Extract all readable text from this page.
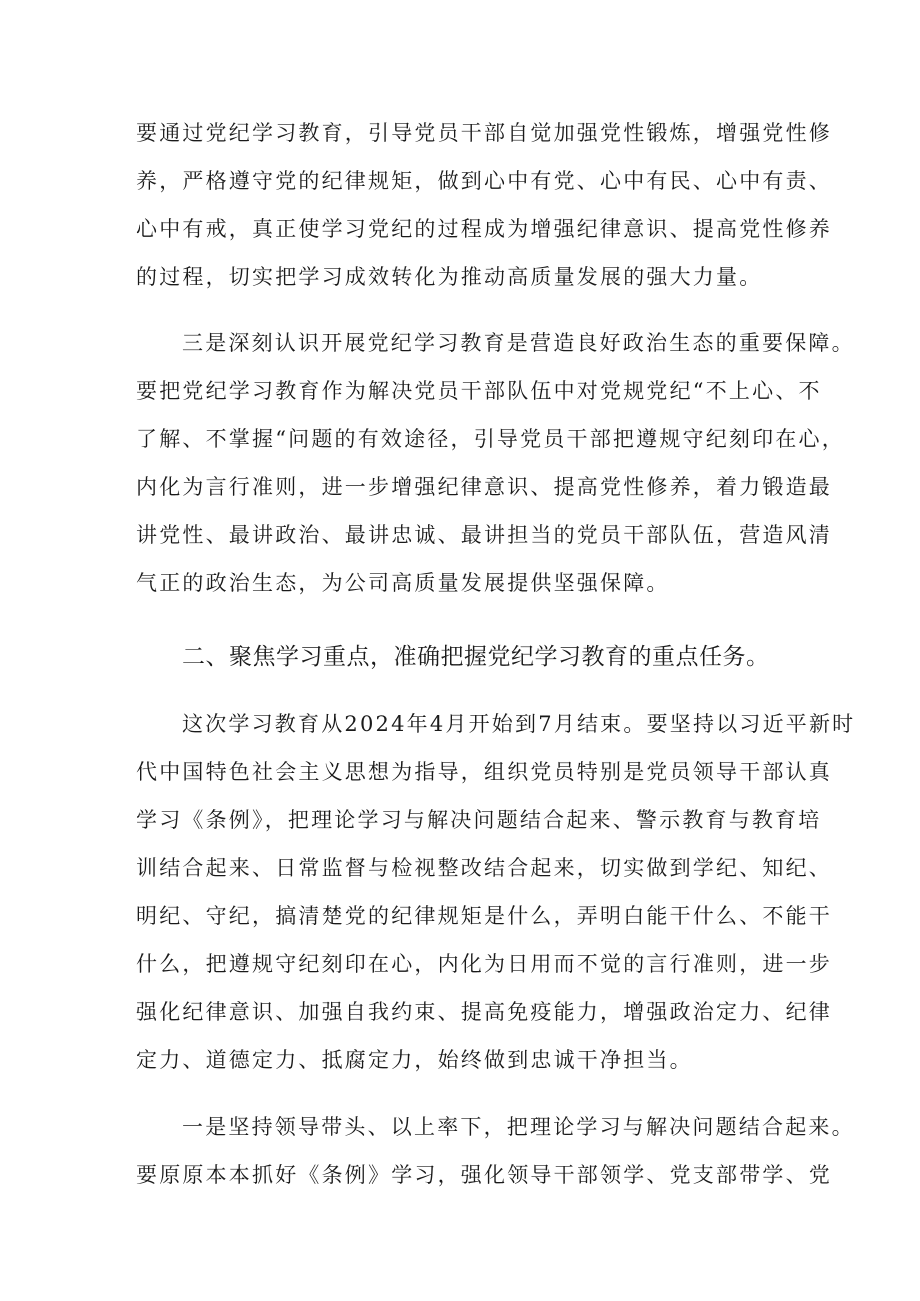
要通过党纪学习教育，引导党员干部自觉加强党性锻炼，增强党性修
养，严格遵守党的纪律规矩，做到心中有党、心中有民、心中有责、
心中有戒，真正使学习党纪的过程成为增强纪律意识、提高党性修养
的过程，切实把学习成效转化为推动高质量发展的强大力量。
三是深刻认识开展党纪学习教育是营造良好政治生态的重要保障。
要把党纪学习教育作为解决党员干部队伍中对党规党纪“不上心、不
了解、不掌握“问题的有效途径，引导党员干部把遵规守纪刻印在心，
内化为言行准则，进一步增强纪律意识、提高党性修养，着力锻造最
讲党性、最讲政治、最讲忠诚、最讲担当的党员干部队伍，营造风清
气正的政治生态，为公司高质量发展提供坚强保障。
二、聚焦学习重点，准确把握党纪学习教育的重点任务。
这次学习教育从2024年4月开始到7月结束。要坚持以习近平新时
代中国特色社会主义思想为指导，组织党员特别是党员领导干部认真
学习《条例》，把理论学习与解决问题结合起来、警示教育与教育培
训结合起来、日常监督与检视整改结合起来，切实做到学纪、知纪、
明纪、守纪，搞清楚党的纪律规矩是什么，弄明白能干什么、不能干
什么，把遵规守纪刻印在心，内化为日用而不觉的言行准则，进一步
强化纪律意识、加强自我约束、提高免疫能力，增强政治定力、纪律
定力、道德定力、抵腐定力，始终做到忠诚干净担当。
一是坚持领导带头、以上率下，把理论学习与解决问题结合起来。
要原原本本抓好《条例》学习，强化领导干部领学、党支部带学、党
